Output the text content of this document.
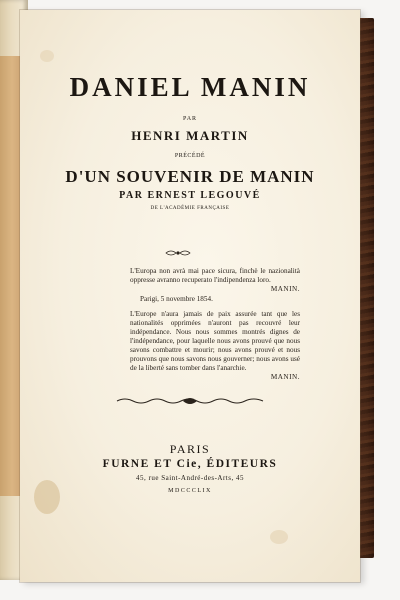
DANIEL MANIN
PAR
HENRI MARTIN
PRÉCÉDÉ
D'UN SOUVENIR DE MANIN
PAR ERNEST LEGOUVÉ
DE L'ACADÉMIE FRANÇAISE
L'Europa non avrà mai pace sicura, finchè le nazionalità oppresse avranno recuperato l'indipendenza loro.
MANIN.
Parigi, 5 novembre 1854.
L'Europe n'aura jamais de paix assurée tant que les nationalités opprimées n'auront pas recouvré leur indépendance. Nous nous sommes montrés dignes de l'indépendance, pour laquelle nous avons prouvé que nous savons combattre et mourir; nous avons prouvé et nous prouvons que nous savons nous gouverner; nous avons usé de la liberté sans tomber dans l'anarchie.
MANIN.
PARIS
FURNE ET Cie, ÉDITEURS
45, rue Saint-André-des-Arts, 45
MDCCCLIX
